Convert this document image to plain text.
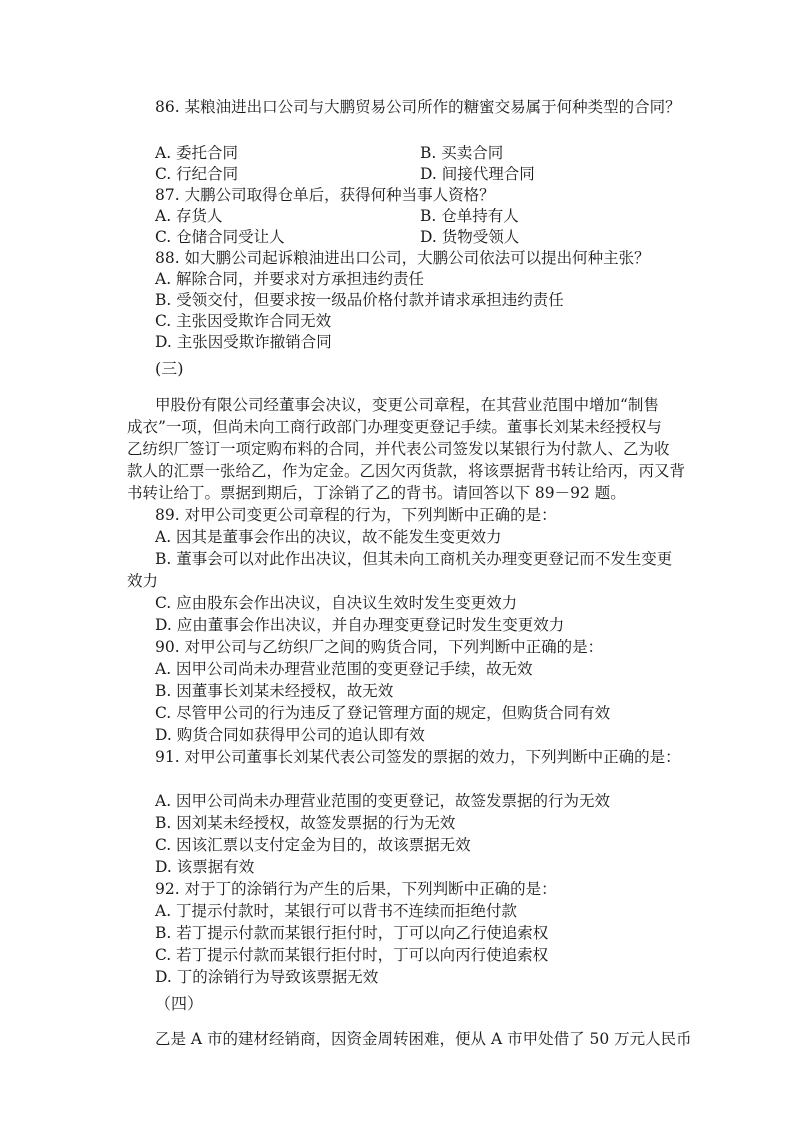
86. 某粮油进出口公司与大鹏贸易公司所作的糖蜜交易属于何种类型的合同？
A. 委托合同	B. 买卖合同
C. 行纪合同	D. 间接代理合同
87. 大鹏公司取得仓单后，获得何种当事人资格？
A. 存货人	B. 仓单持有人
C. 仓储合同受让人	D. 货物受领人
88. 如大鹏公司起诉粮油进出口公司，大鹏公司依法可以提出何种主张？
A. 解除合同，并要求对方承担违约责任
B. 受领交付，但要求按一级品价格付款并请求承担违约责任
C. 主张因受欺诈合同无效
D. 主张因受欺诈撤销合同
(三)
甲股份有限公司经董事会决议，变更公司章程，在其营业范围中增加“制售
成衣”一项，但尚未向工商行政部门办理变更登记手续。董事长刘某未经授权与
乙纺织厂签订一项定购布料的合同，并代表公司签发以某银行为付款人、乙为收
款人的汇票一张给乙，作为定金。乙因欠丙货款，将该票据背书转让给丙，丙又背
书转让给丁。票据到期后，丁涂销了乙的背书。请回答以下 89－92 题。
89. 对甲公司变更公司章程的行为，下列判断中正确的是：
A. 因其是董事会作出的决议，故不能发生变更效力
B. 董事会可以对此作出决议，但其未向工商机关办理变更登记而不发生变更
效力
C. 应由股东会作出决议，自决议生效时发生变更效力
D. 应由董事会作出决议，并自办理变更登记时发生变更效力
90. 对甲公司与乙纺织厂之间的购货合同，下列判断中正确的是：
A. 因甲公司尚未办理营业范围的变更登记手续，故无效
B. 因董事长刘某未经授权，故无效
C. 尽管甲公司的行为违反了登记管理方面的规定，但购货合同有效
D. 购货合同如获得甲公司的追认即有效
91. 对甲公司董事长刘某代表公司签发的票据的效力，下列判断中正确的是：
A. 因甲公司尚未办理营业范围的变更登记，故签发票据的行为无效
B. 因刘某未经授权，故签发票据的行为无效
C. 因该汇票以支付定金为目的，故该票据无效
D. 该票据有效
92. 对于丁的涂销行为产生的后果，下列判断中正确的是：
A. 丁提示付款时，某银行可以背书不连续而拒绝付款
B. 若丁提示付款而某银行拒付时，丁可以向乙行使追索权
C. 若丁提示付款而某银行拒付时，丁可以向丙行使追索权
D. 丁的涂销行为导致该票据无效
（四）
乙是 A 市的建材经销商，因资金周转困难，便从 A 市甲处借了 50 万元人民币
